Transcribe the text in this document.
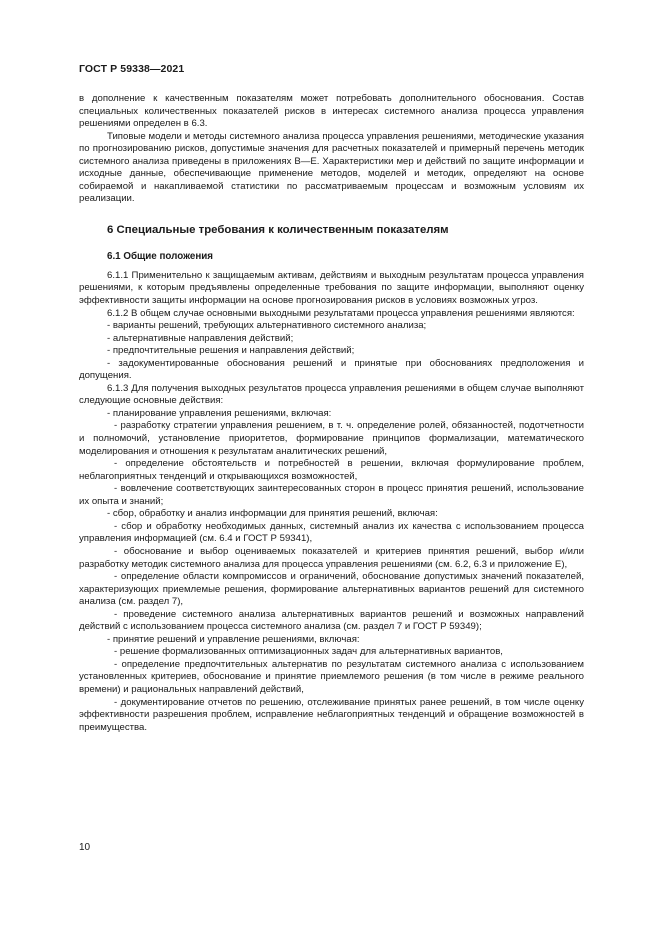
ГОСТ Р 59338—2021

в дополнение к качественным показателям может потребовать дополнительного обоснования. Состав специальных количественных показателей рисков в интересах системного анализа процесса управления решениями определен в 6.3.

Типовые модели и методы системного анализа процесса управления решениями, методические указания по прогнозированию рисков, допустимые значения для расчетных показателей и примерный перечень методик системного анализа приведены в приложениях В—Е. Характеристики мер и действий по защите информации и исходные данные, обеспечивающие применение методов, моделей и методик, определяют на основе собираемой и накапливаемой статистики по рассматриваемым процессам и возможным условиям их реализации.

6 Специальные требования к количественным показателям
6.1 Общие положения

6.1.1 Применительно к защищаемым активам, действиям и выходным результатам процесса управления решениями, к которым предъявлены определенные требования по защите информации, выполняют оценку эффективности защиты информации на основе прогнозирования рисков в условиях возможных угроз.

6.1.2 В общем случае основными выходными результатами процесса управления решениями являются:

- варианты решений, требующих альтернативного системного анализа;

- альтернативные направления действий;

- предпочтительные решения и направления действий;

- задокументированные обоснования решений и принятые при обоснованиях предположения и допущения.

6.1.3 Для получения выходных результатов процесса управления решениями в общем случае выполняют следующие основные действия:

- планирование управления решениями, включая:

- разработку стратегии управления решением, в т. ч. определение ролей, обязанностей, подотчетности и полномочий, установление приоритетов, формирование принципов формализации, математического моделирования и отношения к результатам аналитических решений,

- определение обстоятельств и потребностей в решении, включая формулирование проблем, неблагоприятных тенденций и открывающихся возможностей,

- вовлечение соответствующих заинтересованных сторон в процесс принятия решений, использование их опыта и знаний;

- сбор, обработку и анализ информации для принятия решений, включая:

- сбор и обработку необходимых данных, системный анализ их качества с использованием процесса управления информацией (см. 6.4 и ГОСТ Р 59341),

- обоснование и выбор оцениваемых показателей и критериев принятия решений, выбор и/или разработку методик системного анализа для процесса управления решениями (см. 6.2, 6.3 и приложение Е),

- определение области компромиссов и ограничений, обоснование допустимых значений показателей, характеризующих приемлемые решения, формирование альтернативных вариантов решений для системного анализа (см. раздел 7),

- проведение системного анализа альтернативных вариантов решений и возможных направлений действий с использованием процесса системного анализа (см. раздел 7 и ГОСТ Р 59349);

- принятие решений и управление решениями, включая:

- решение формализованных оптимизационных задач для альтернативных вариантов,

- определение предпочтительных альтернатив по результатам системного анализа с использованием установленных критериев, обоснование и принятие приемлемого решения (в том числе в режиме реального времени) и рациональных направлений действий,

- документирование отчетов по решению, отслеживание принятых ранее решений, в том числе оценку эффективности разрешения проблем, исправление неблагоприятных тенденций и обращение возможностей в преимущества.

10
